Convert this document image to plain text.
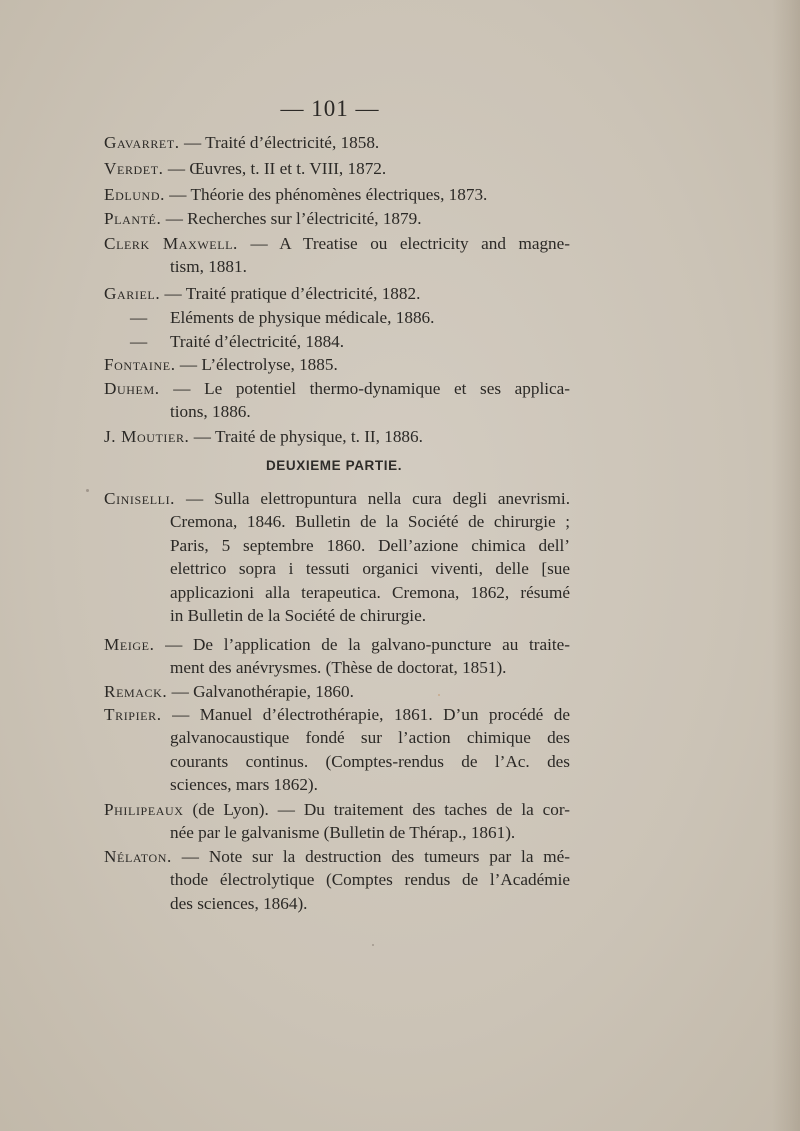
— 101 —
Gavarret. — Traité d’électricité, 1858.
Verdet. — Œuvres, t. II et t. VIII, 1872.
Edlund. — Théorie des phénomènes électriques, 1873.
Planté. — Recherches sur l’électricité, 1879.
Clerk Maxwell. — A Treatise ou electricity and magne-
tism, 1881.
Gariel. — Traité pratique d’électricité, 1882.
— Eléments de physique médicale, 1886.
— Traité d’électricité, 1884.
Fontaine. — L’électrolyse, 1885.
Duhem. — Le potentiel thermo-dynamique et ses applica-
tions, 1886.
J. Moutier. — Traité de physique, t. II, 1886.
DEUXIEME PARTIE.
Ciniselli. — Sulla elettropuntura nella cura degli anevrismi.
Cremona, 1846. Bulletin de la Société de chirurgie ;
Paris, 5 septembre 1860. Dell’azione chimica dell’
elettrico sopra i tessuti organici viventi, delle [sue
applicazioni alla terapeutica. Cremona, 1862, résumé
in Bulletin de la Société de chirurgie.
Meige. — De l’application de la galvano-puncture au traite-
ment des anévrysmes. (Thèse de doctorat, 1851).
Remack. — Galvanothérapie, 1860.
Tripier. — Manuel d’électrothérapie, 1861. D’un procédé de
galvanocaustique fondé sur l’action chimique des
courants continus. (Comptes-rendus de l’Ac. des
sciences, mars 1862).
Philipeaux (de Lyon). — Du traitement des taches de la cor-
née par le galvanisme (Bulletin de Thérap., 1861).
Nélaton. — Note sur la destruction des tumeurs par la mé-
thode électrolytique (Comptes rendus de l’Académie
des sciences, 1864).
